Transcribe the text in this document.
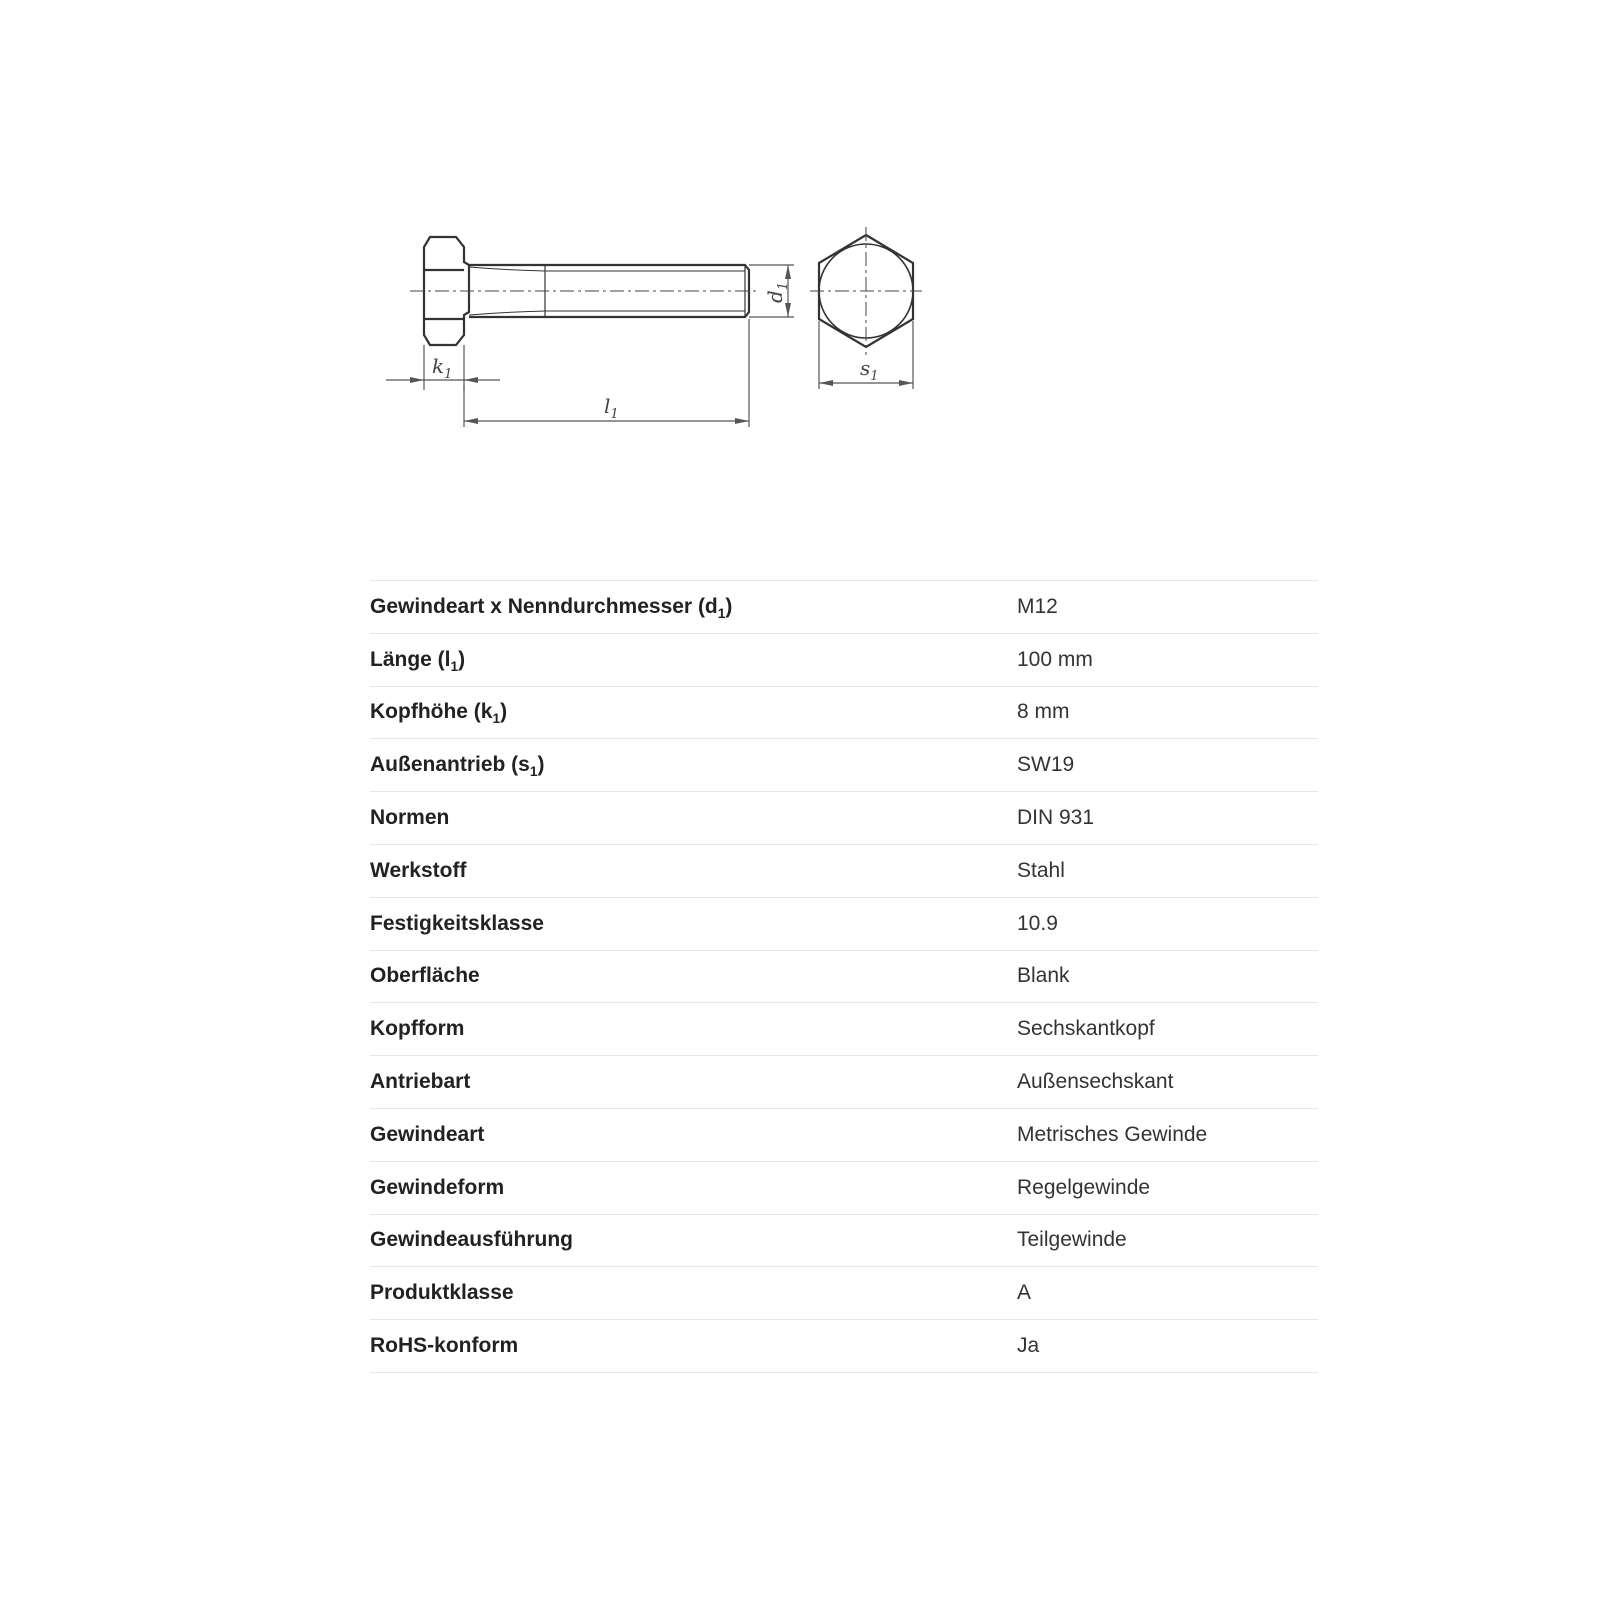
$k_1$
$l_1$
$s_1$
$d_1$
Gewindeart x Nenndurchmesser $(d_1)$	M12
Länge $(l_1)$	100 mm
Kopfhöhe $(k_1)$	8 mm
Außenantrieb $(s_1)$	SW19
Normen	DIN 931
Werkstoff	Stahl
Festigkeitsklasse	10.9
Oberfläche	Blank
Kopfform	Sechskantkopf
Antriebart	Außensechskant
Gewindeart	Metrisches Gewinde
Gewindeform	Regelgewinde
Gewindeausführung	Teilgewinde
Produktklasse	A
RoHS-konform	Ja
